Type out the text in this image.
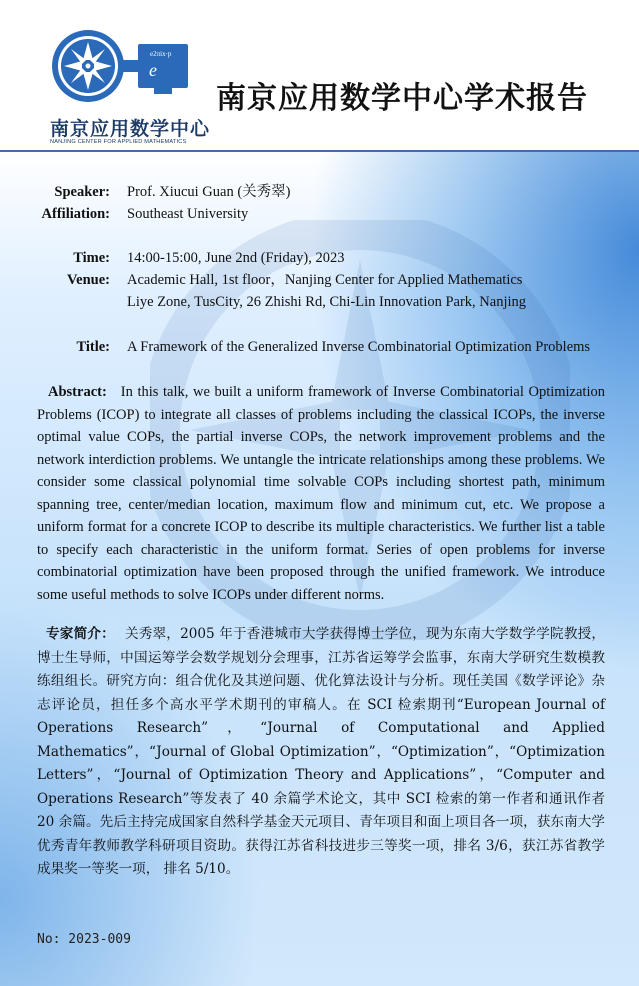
e2πix·p
e
南京应用数学中心
NANJING CENTER FOR APPLIED MATHEMATICS
南京应用数学中心学术报告
Speaker: Prof. Xiucui Guan (关秀翠)
Affiliation: Southeast University
Time: 14:00-15:00, June 2nd (Friday), 2023
Venue: Academic Hall, 1st floor，Nanjing Center for Applied Mathematics
Liye Zone, TusCity, 26 Zhishi Rd, Chi-Lin Innovation Park, Nanjing
Title: A Framework of the Generalized Inverse Combinatorial Optimization Problems
Abstract: In this talk, we built a uniform framework of Inverse Combinatorial Optimization Problems (ICOP) to integrate all classes of problems including the classical ICOPs, the inverse optimal value COPs, the partial inverse COPs, the network improvement problems and the network interdiction problems. We untangle the intricate relationships among these problems. We consider some classical polynomial time solvable COPs including shortest path, minimum spanning tree, center/median location, maximum flow and minimum cut, etc. We propose a uniform format for a concrete ICOP to describe its multiple characteristics. We further list a table to specify each characteristic in the uniform format. Series of open problems for inverse combinatorial optimization have been proposed through the unified framework. We introduce some useful methods to solve ICOPs under different norms.
专家简介： 关秀翠，2005 年于香港城市大学获得博士学位，现为东南大学数学学院教授，博士生导师，中国运筹学会数学规划分会理事，江苏省运筹学会监事，东南大学研究生数模教练组组长。研究方向：组合优化及其逆问题、优化算法设计与分析。现任美国《数学评论》杂志评论员，担任多个高水平学术期刊的审稿人。在 SCI 检索期刊“European Journal of Operations Research”，“Journal of Computational and Applied Mathematics”，“Journal of Global Optimization”，“Optimization”，“Optimization Letters”，“Journal of Optimization Theory and Applications”，“Computer and Operations Research”等发表了 40 余篇学术论文，其中 SCI 检索的第一作者和通讯作者 20 余篇。先后主持完成国家自然科学基金天元项目、青年项目和面上项目各一项，获东南大学优秀青年教师教学科研项目资助。获得江苏省科技进步三等奖一项，排名 3/6，获江苏省教学成果奖一等奖一项， 排名 5/10。
No: 2023-009
